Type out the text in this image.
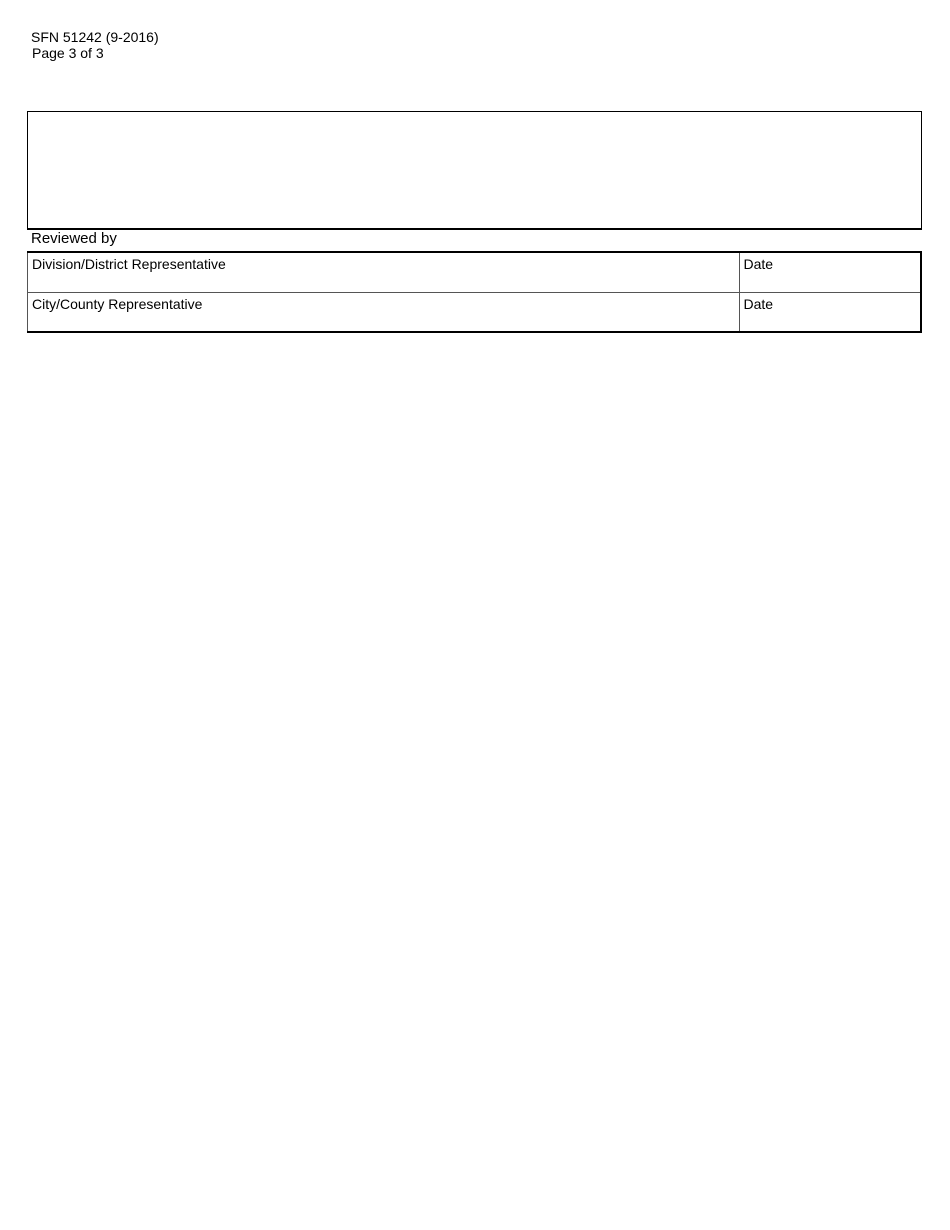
SFN 51242 (9-2016)
Page 3 of 3
Reviewed by
Division/District Representative	Date
City/County Representative	Date
